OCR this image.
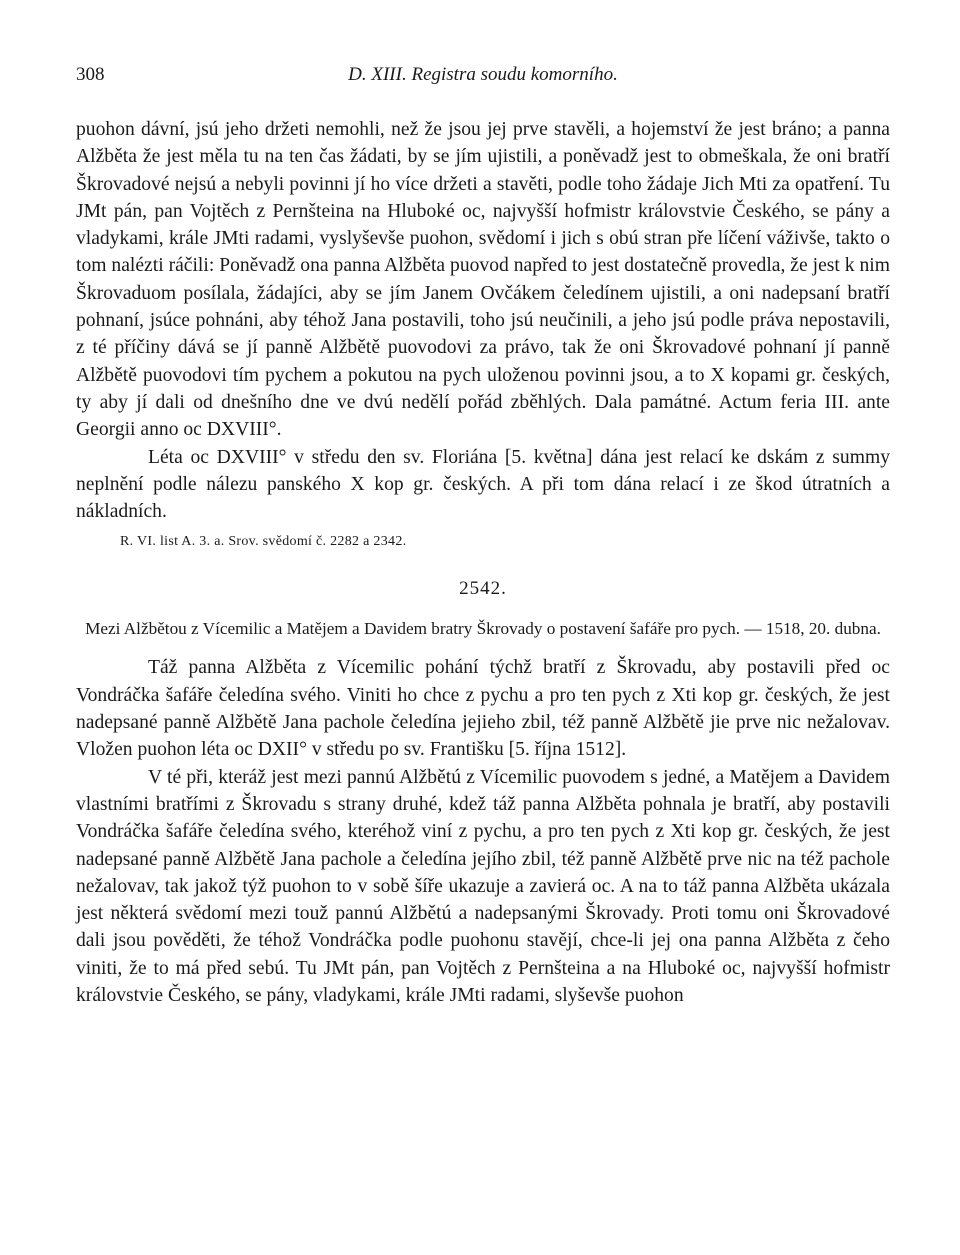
308	D. XIII. Registra soudu komorního.

puohon dávní, jsú jeho držeti nemohli, než že jsou jej prve stavěli, a hojemství že jest bráno; a panna Alžběta že jest měla tu na ten čas žádati, by se jím ujistili, a poněvadž jest to obmeškala, že oni bratří Škrovadové nejsú a nebyli povinni jí ho více držeti a stavěti, podle toho žádaje Jich Mti za opatření. Tu JMt pán, pan Vojtěch z Pernšteina na Hluboké oc, najvyšší hofmistr královstvie Českého, se pány a vladykami, krále JMti radami, vyslyševše puohon, svědomí i jich s obú stran pře líčení váživše, takto o tom nalézti ráčili: Poněvadž ona panna Alžběta puovod napřed to jest dostatečně provedla, že jest k nim Škrovaduom posílala, žádajíci, aby se jím Janem Ovčákem čeledínem ujistili, a oni nadepsaní bratří pohnaní, jsúce pohnáni, aby téhož Jana postavili, toho jsú neučinili, a jeho jsú podle práva nepostavili, z té příčiny dává se jí panně Alžbětě puovodovi za právo, tak že oni Škrovadové pohnaní jí panně Alžbětě puovodovi tím pychem a pokutou na pych uloženou povinni jsou, a to X kopami gr. českých, ty aby jí dali od dnešního dne ve dvú nedělí pořád zběhlých. Dala památné. Actum feria III. ante Georgii anno oc DXVIII°.

Léta oc DXVIII° v středu den sv. Floriána [5. května] dána jest relací ke dskám z summy neplnění podle nálezu panského X kop gr. českých. A při tom dána relací i ze škod útratních a nákladních.

R. VI. list A. 3. a. Srov. svědomí č. 2282 a 2342.
2542.
Mezi Alžbětou z Vícemilic a Matějem a Davidem bratry Škrovady o postavení šafáře pro pych. — 1518, 20. dubna.

Táž panna Alžběta z Vícemilic pohání týchž bratří z Škrovadu, aby postavili před oc Vondráčka šafáře čeledína svého. Viniti ho chce z pychu a pro ten pych z Xti kop gr. českých, že jest nadepsané panně Alžbětě Jana pachole čeledína jejieho zbil, též panně Alžbětě jie prve nic nežalovav. Vložen puohon léta oc DXII° v středu po sv. Františku [5. října 1512].

V té při, kteráž jest mezi pannú Alžbětú z Vícemilic puovodem s jedné, a Matějem a Davidem vlastními bratřími z Škrovadu s strany druhé, kdež táž panna Alžběta pohnala je bratří, aby postavili Vondráčka šafáře čeledína svého, kteréhož viní z pychu, a pro ten pych z Xti kop gr. českých, že jest nadepsané panně Alžbětě Jana pachole a čeledína jejího zbil, též panně Alžbětě prve nic na též pachole nežalovav, tak jakož týž puohon to v sobě šíře ukazuje a zavierá oc. A na to táž panna Alžběta ukázala jest některá svědomí mezi touž pannú Alžbětú a nadepsanými Škrovady. Proti tomu oni Škrovadové dali jsou pověděti, že téhož Vondráčka podle puohonu stavějí, chce-li jej ona panna Alžběta z čeho viniti, že to má před sebú. Tu JMt pán, pan Vojtěch z Pernšteina a na Hluboké oc, najvyšší hofmistr královstvie Českého, se pány, vladykami, krále JMti radami, slyševše puohon
